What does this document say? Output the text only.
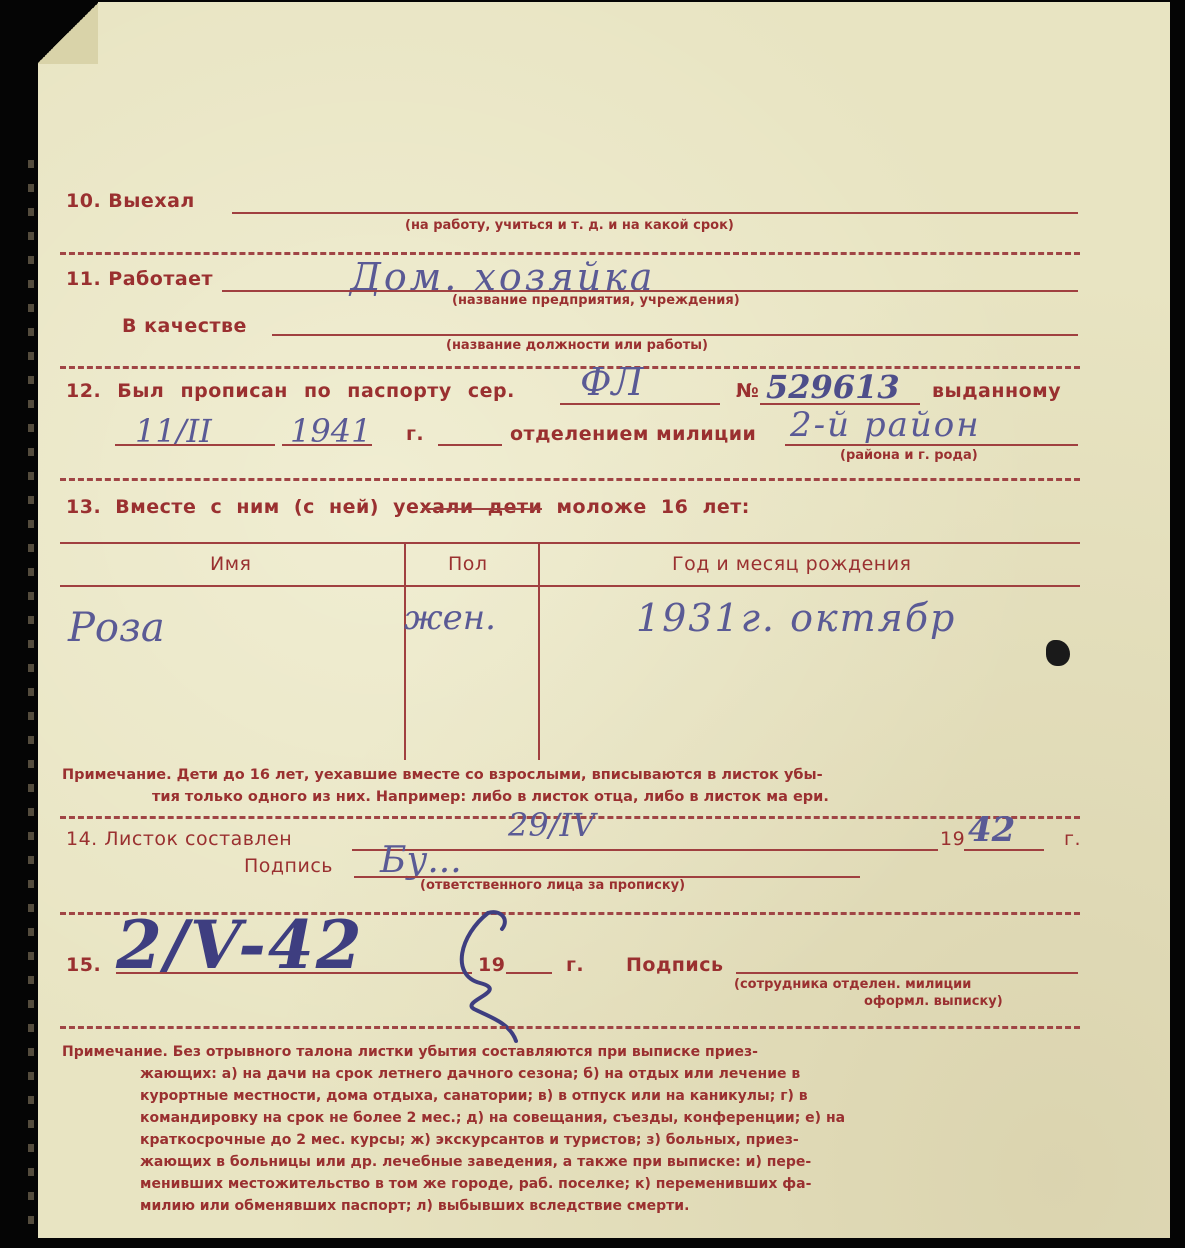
10. Выехал
(на работу, учиться и т. д. и на какой срок)
11. Работает	Дом. хозяйка
(название предприятия, учреждения)
В качестве
(название должности или работы)
12. Был прописан по паспорту сер. ФЛ	№ 529613 выданному
11/II 1941 г.	отделением милиции 2-й район
(района и г. рода)
13. Вместе с ним (с ней) уехали дети моложе 16 лет:
Имя	Пол	Год и месяц рождения
Роза	жен.	1931г. октябр
Примечание. Дети до 16 лет, уехавшие вместе со взрослыми, вписываются в листок убы-
тия только одного из них. Например: либо в листок отца, либо в листок ма ери.
14. Листок составлен	29/IV	19 42	г.
Подпись Бу...
(ответственного лица за прописку)
15. 2/V-42	19	г. Подпись
(сотрудника отделен. милиции
оформл. выписку)
Примечание. Без отрывного талона листки убытия составляются при выписке приез-
жающих: а) на дачи на срок летнего дачного сезона; б) на отдых или лечение в
курортные местности, дома отдыха, санатории; в) в отпуск или на каникулы; г) в
командировку на срок не более 2 мес.; д) на совещания, съезды, конференции; е) на
краткосрочные до 2 мес. курсы; ж) экскурсантов и туристов; з) больных, приез-
жающих в больницы или др. лечебные заведения, а также при выписке: и) пере-
менивших местожительство в том же городе, раб. поселке; к) переменивших фа-
милию или обменявших паспорт; л) выбывших вследствие смерти.
